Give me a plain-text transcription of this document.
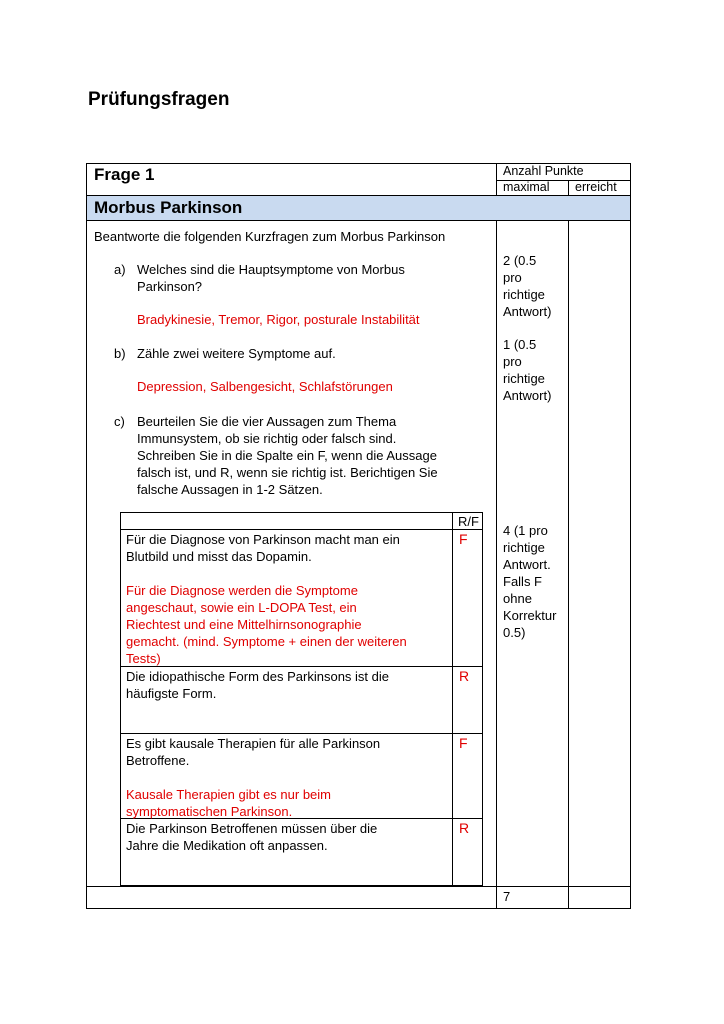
Prüfungsfragen
Frage 1	Anzahl Punkte
maximal erreicht
Morbus Parkinson
Beantworte die folgenden Kurzfragen zum Morbus Parkinson
a) Welches sind die Hauptsymptome von Morbus
Parkinson?
Bradykinesie, Tremor, Rigor, posturale Instabilität
2 (0.5
pro
richtige
Antwort)
b) Zähle zwei weitere Symptome auf.
Depression, Salbengesicht, Schlafstörungen
1 (0.5
pro
richtige
Antwort)
c) Beurteilen Sie die vier Aussagen zum Thema
Immunsystem, ob sie richtig oder falsch sind.
Schreiben Sie in die Spalte ein F, wenn die Aussage
falsch ist, und R, wenn sie richtig ist. Berichtigen Sie
falsche Aussagen in 1-2 Sätzen.
4 (1 pro
richtige
Antwort.
Falls F
ohne
Korrektur
0.5)
R/F
Für die Diagnose von Parkinson macht man ein
Blutbild und misst das Dopamin.
F
Für die Diagnose werden die Symptome
angeschaut, sowie ein L-DOPA Test, ein
Riechtest und eine Mittelhirnsonographie
gemacht. (mind. Symptome + einen der weiteren
Tests)
Die idiopathische Form des Parkinsons ist die
häufigste Form.
R
Es gibt kausale Therapien für alle Parkinson
Betroffene.
F
Kausale Therapien gibt es nur beim
symptomatischen Parkinson.
Die Parkinson Betroffenen müssen über die
Jahre die Medikation oft anpassen.
R
7
